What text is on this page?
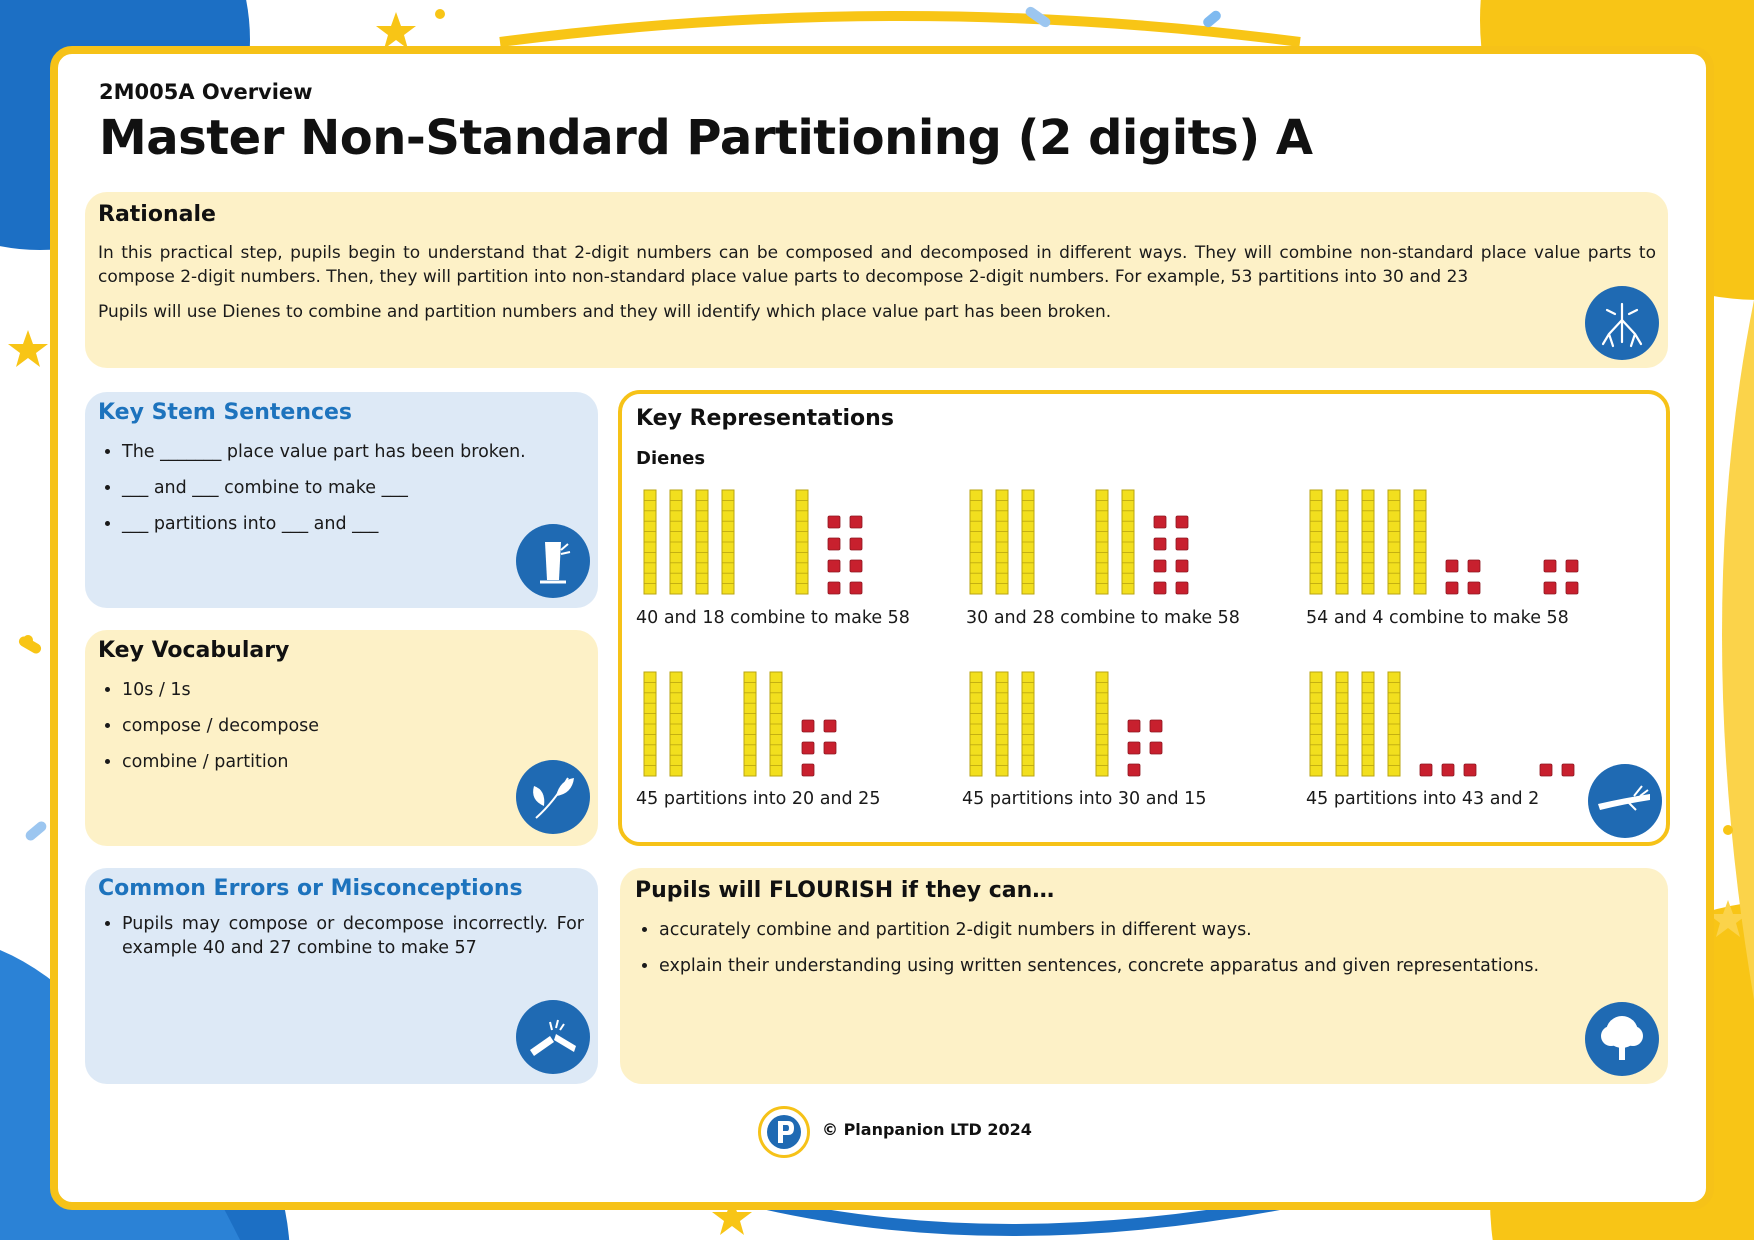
2M005A Overview
Master Non-Standard Partitioning (2 digits) A
Rationale

In this practical step, pupils begin to understand that 2-digit numbers can be composed and decomposed in different ways. They will combine non-standard place value parts to compose 2-digit numbers. Then, they will partition into non-standard place value parts to decompose 2-digit numbers. For example, 53 partitions into 30 and 23

Pupils will use Dienes to combine and partition numbers and they will identify which place value part has been broken.

Key Stem Sentences
• The _______ place value part has been broken.
• ___ and ___ combine to make ___
• ___ partitions into ___ and ___
Key Vocabulary
• 10s / 1s
• compose / decompose
• combine / partition
Common Errors or Misconceptions
• Pupils may compose or decompose incorrectly. For example 40 and 27 combine to make 57
Key Representations
Dienes
40 and 18 combine to make 58	30 and 28 combine to make 58	54 and 4 combine to make 58
45 partitions into 20 and 25	45 partitions into 30 and 15	45 partitions into 43 and 2
Pupils will FLOURISH if they can…
• accurately combine and partition 2-digit numbers in different ways.
• explain their understanding using written sentences, concrete apparatus and given representations.
© Planpanion LTD 2024
